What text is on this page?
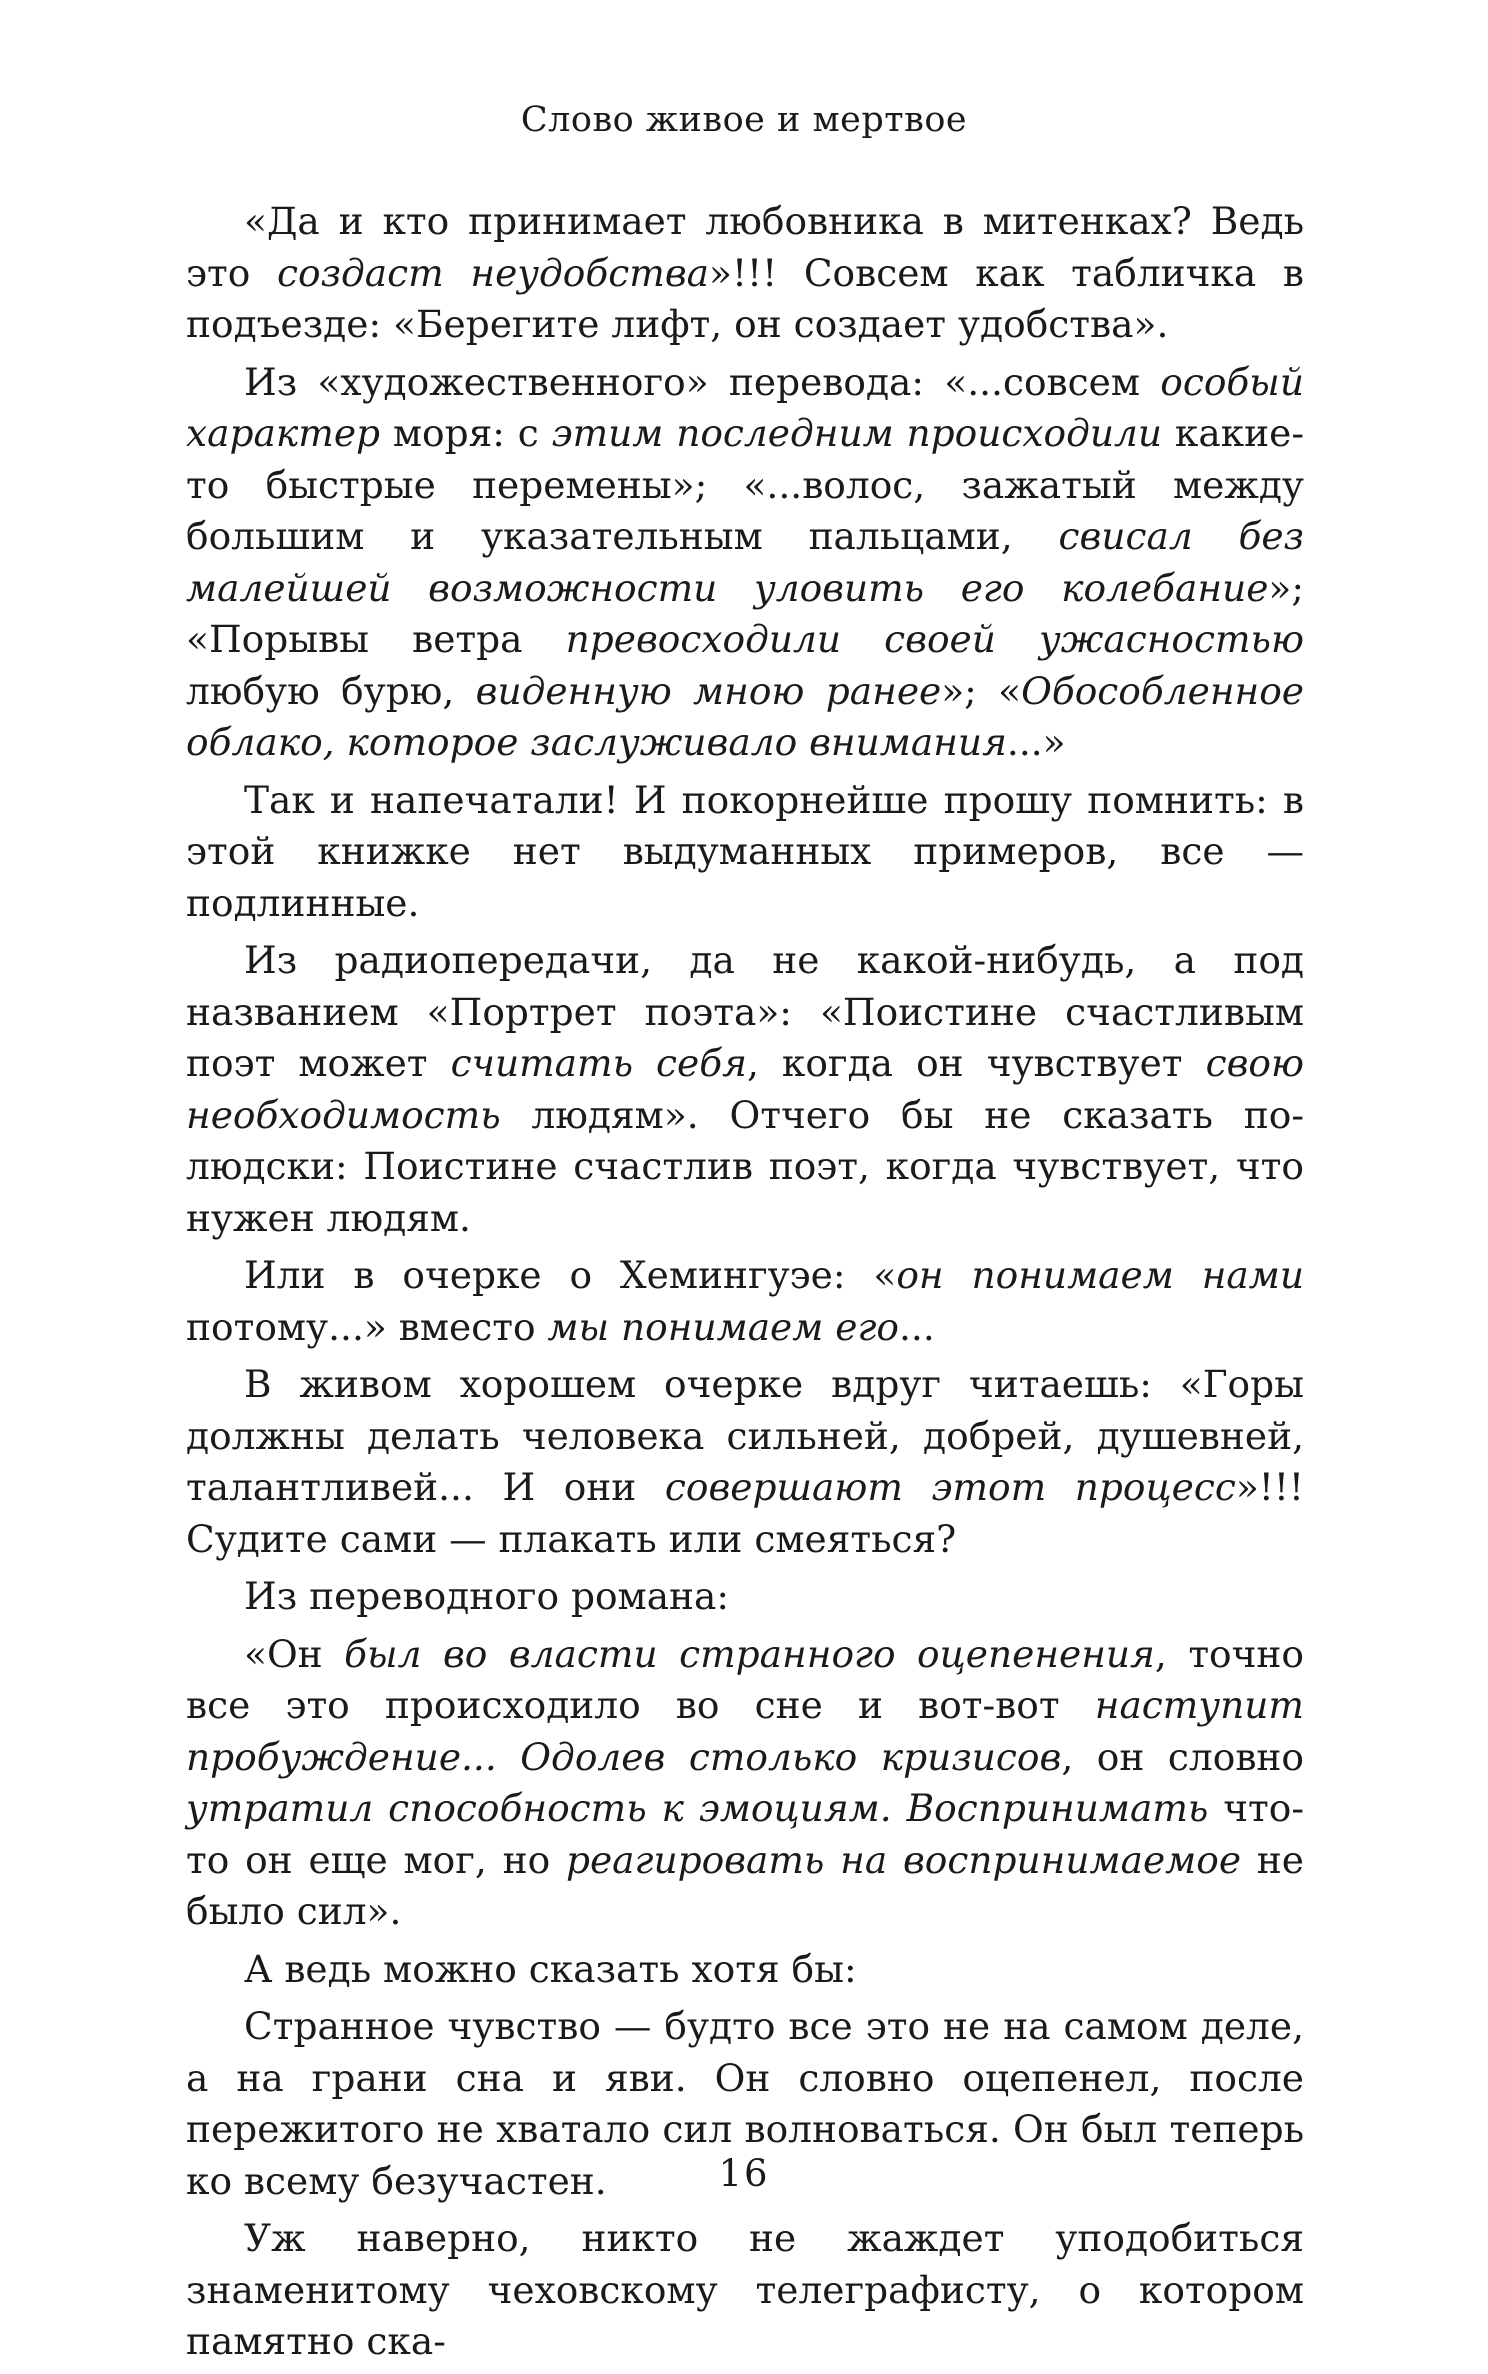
Слово живое и мертвое

«Да и кто принимает любовника в митенках? Ведь это создаст неудобства»!!! Совсем как табличка в подъезде: «Берегите лифт, он создает удобства».

Из «художественного» перевода: «...совсем особый характер моря: с этим последним происходили какие-то быстрые перемены»; «...волос, зажатый между большим и указательным пальцами, свисал без малейшей возможности уловить его колебание»; «Порывы ветра превосходили своей ужасностью любую бурю, виденную мною ранее»; «Обособленное облако, которое заслуживало внимания...»

Так и напечатали! И покорнейше прошу помнить: в этой книжке нет выдуманных примеров, все — подлинные.

Из радиопередачи, да не какой-нибудь, а под названием «Портрет поэта»: «Поистине счастливым поэт может считать себя, когда он чувствует свою необходимость людям». Отчего бы не сказать по-людски: Поистине счастлив поэт, когда чувствует, что нужен людям.

Или в очерке о Хемингуэе: «он понимаем нами потому...» вместо мы понимаем его...

В живом хорошем очерке вдруг читаешь: «Горы должны делать человека сильней, добрей, душевней, талантливей... И они совершают этот процесс»!!! Судите сами — плакать или смеяться?

Из переводного романа:

«Он был во власти странного оцепенения, точно все это происходило во сне и вот-вот наступит пробуждение... Одолев столько кризисов, он словно утратил способность к эмоциям. Воспринимать что-то он еще мог, но реагировать на воспринимаемое не было сил».

А ведь можно сказать хотя бы:

Странное чувство — будто все это не на самом деле, а на грани сна и яви. Он словно оцепенел, после пережитого не хватало сил волноваться. Он был теперь ко всему безучастен.

Уж наверно, никто не жаждет уподобиться знаменитому чеховскому телеграфисту, о котором памятно ска-

16
